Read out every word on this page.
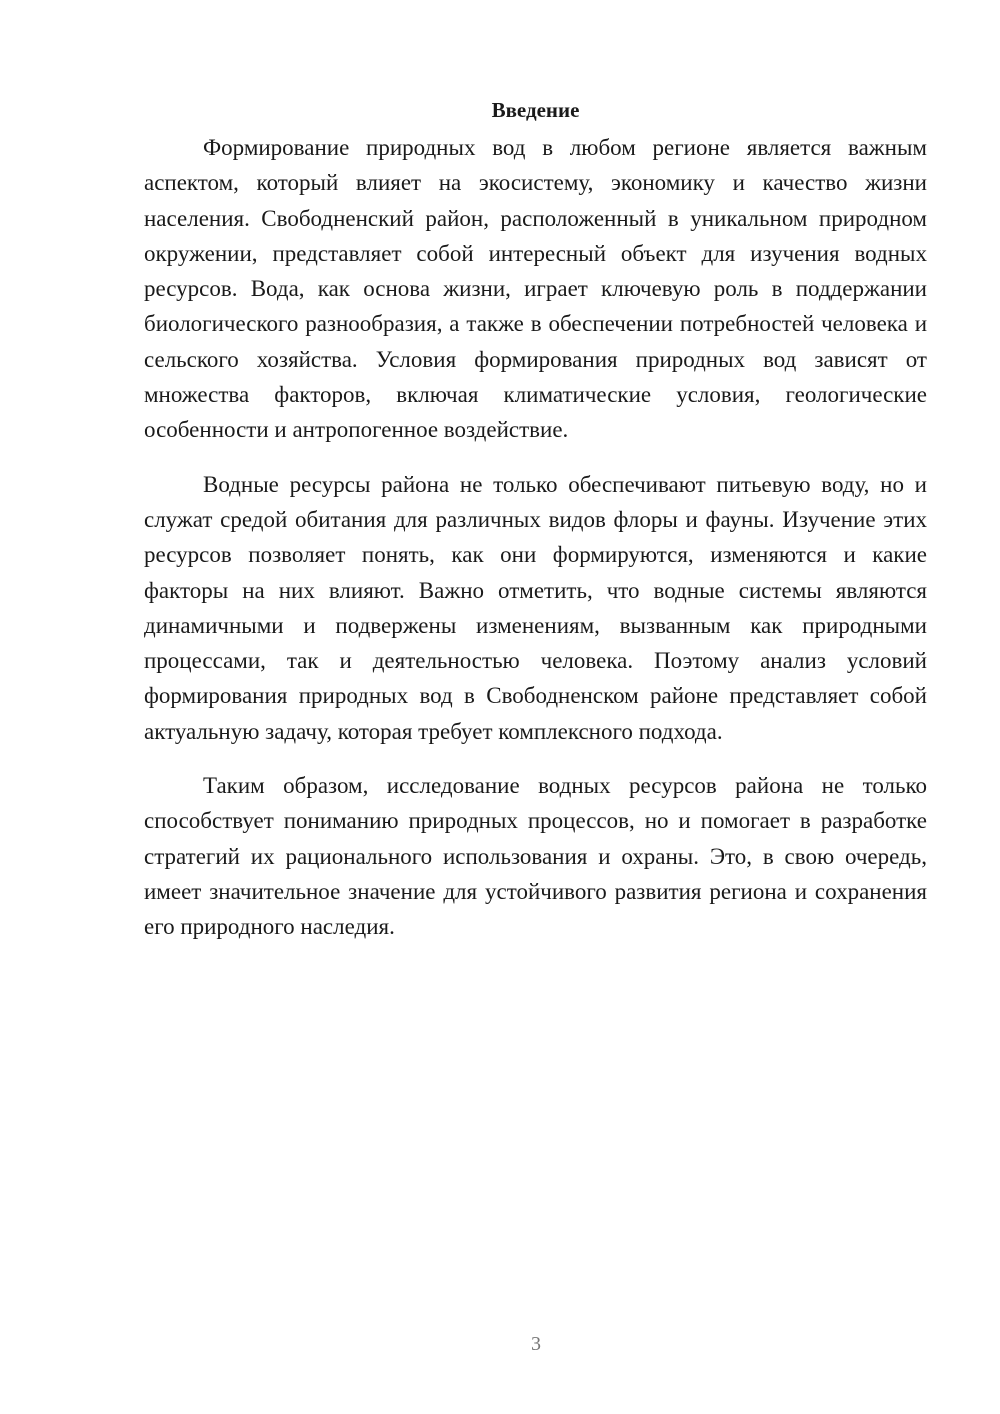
Введение

Формирование природных вод в любом регионе является важным аспектом, который влияет на экосистему, экономику и качество жизни населения. Свободненский район, расположенный в уникальном природном окружении, представляет собой интересный объект для изучения водных ресурсов. Вода, как основа жизни, играет ключевую роль в поддержании биологического разнообразия, а также в обеспечении потребностей человека и сельского хозяйства. Условия формирования природных вод зависят от множества факторов, включая климатические условия, геологические особенности и антропогенное воздействие.

Водные ресурсы района не только обеспечивают питьевую воду, но и служат средой обитания для различных видов флоры и фауны. Изучение этих ресурсов позволяет понять, как они формируются, изменяются и какие факторы на них влияют. Важно отметить, что водные системы являются динамичными и подвержены изменениям, вызванным как природными процессами, так и деятельностью человека. Поэтому анализ условий формирования природных вод в Свободненском районе представляет собой актуальную задачу, которая требует комплексного подхода.

Таким образом, исследование водных ресурсов района не только способствует пониманию природных процессов, но и помогает в разработке стратегий их рационального использования и охраны. Это, в свою очередь, имеет значительное значение для устойчивого развития региона и сохранения его природного наследия.

3
